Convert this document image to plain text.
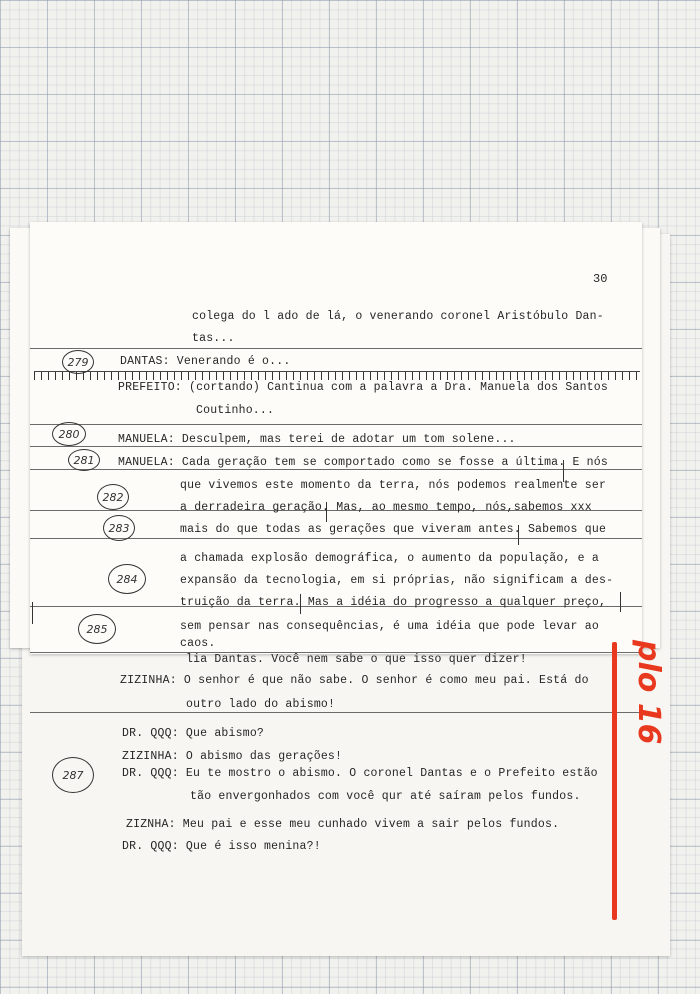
30
279
280
281
282
283
284
285
287
colega do l ado de lá, o venerando coronel Aristóbulo Dan-
tas...
DANTAS: Venerando é o...
PREFEITO: (cortando) Cantinua com a palavra a Dra. Manuela dos Santos
Coutinho...
MANUELA: Desculpem, mas terei de adotar um tom solene...
MANUELA: Cada geração tem se comportado como se fosse a última. E nós
que vivemos este momento da terra, nós podemos realmente ser
a derradeira geração. Mas, ao mesmo tempo, nós,sabemos xxx
mais do que todas as gerações que viveram antes. Sabemos que
a chamada explosão demográfica, o aumento da população, e a
expansão da tecnologia, em si próprias, não significam a des-
truição da terra. Mas a idéia do progresso a qualquer preço,
sem pensar nas consequências, é uma idéia que pode levar ao
caos.
lia Dantas. Você nem sabe o que isso quer dizer!
ZIZINHA: O senhor é que não sabe. O senhor é como meu pai. Está do
outro lado do abismo!
DR. QQQ: Que abismo?
ZIZINHA: O abismo das gerações!
DR. QQQ: Eu te mostro o abismo. O coronel Dantas e o Prefeito estão
tão envergonhados com você qur até saíram pelos fundos.
ZIZNHA: Meu pai e esse meu cunhado vivem a sair pelos fundos.
DR. QQQ: Que é isso menina?!
plo 16
